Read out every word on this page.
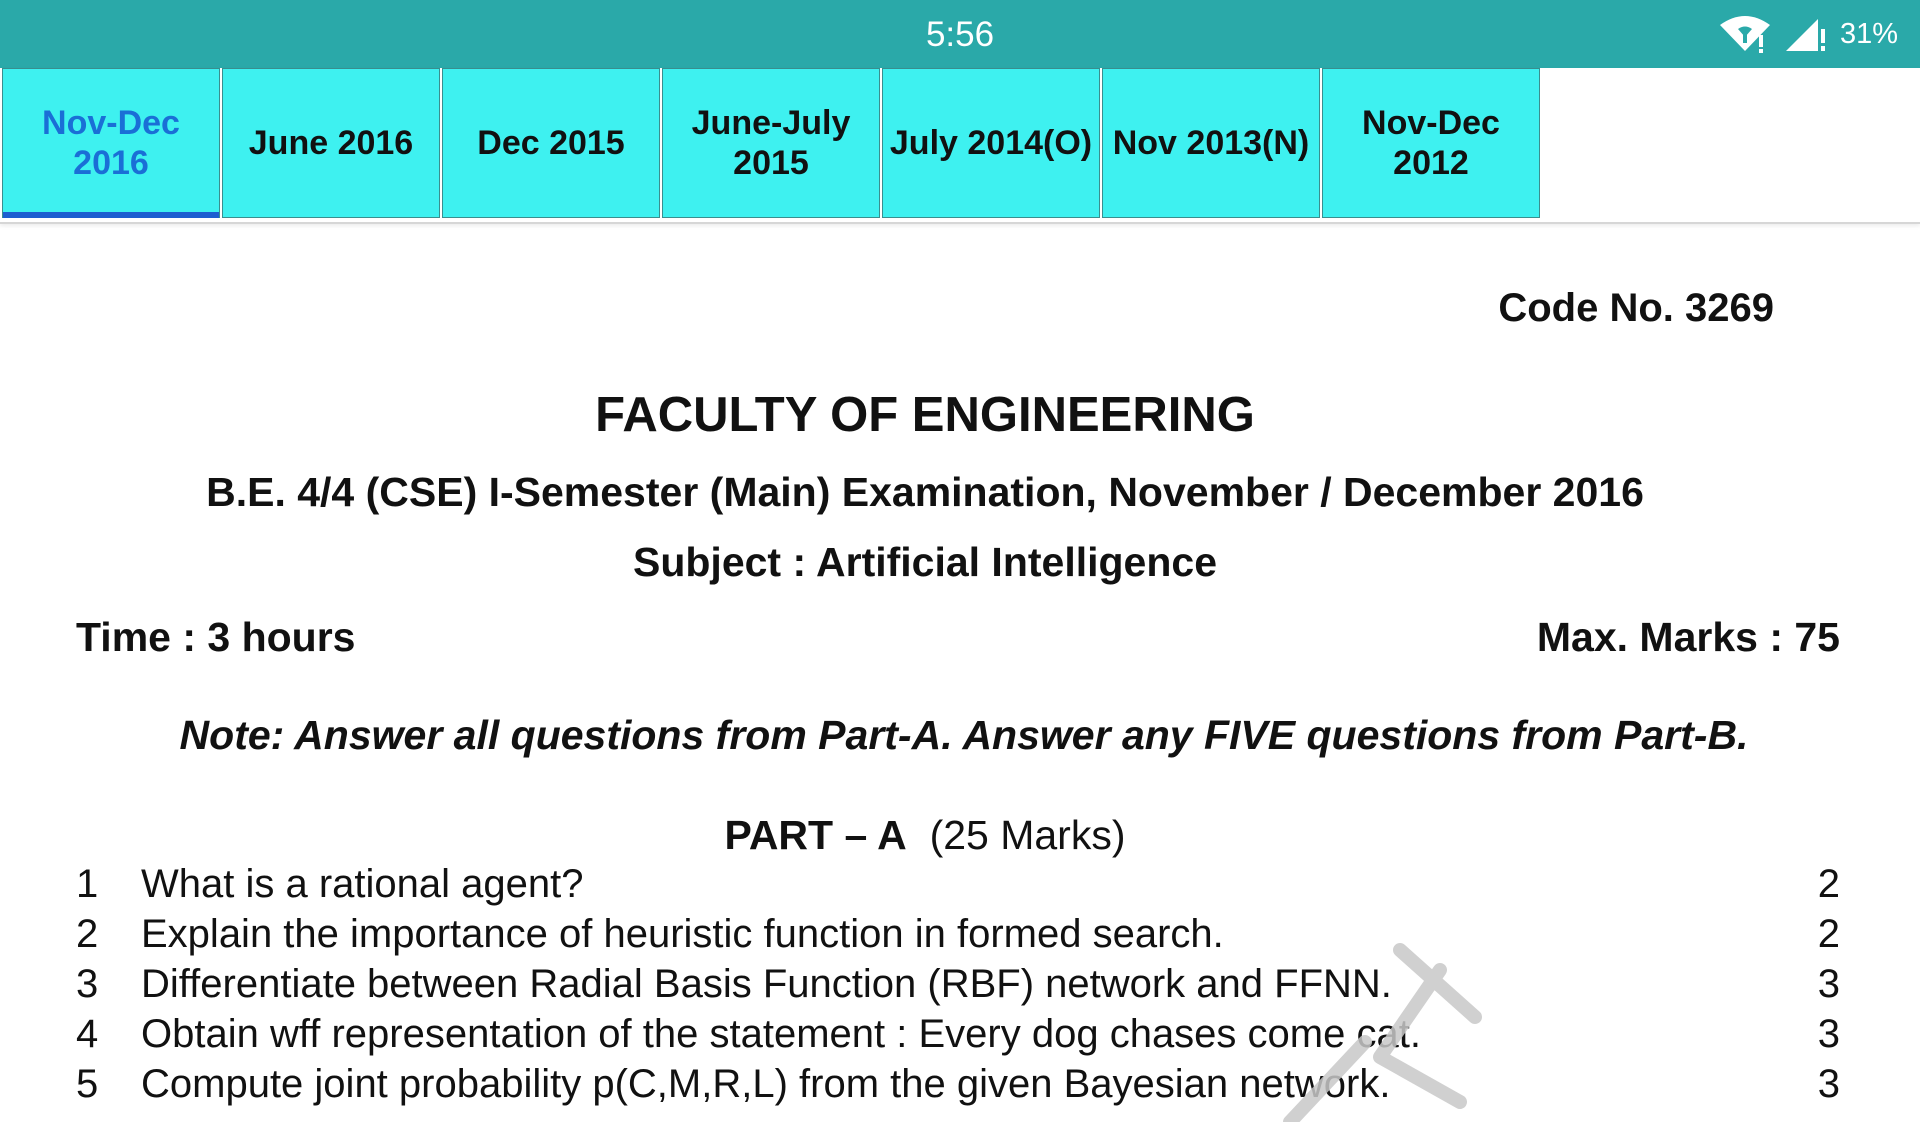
5:56	31%
Nov-Dec 2016
June 2016	Dec 2015
June-July
2015
July 2014(O) Nov 2013(N)
Nov-Dec 2012
Code No. 3269
FACULTY OF ENGINEERING
B.E. 4/4 (CSE) I-Semester (Main) Examination, November / December 2016
Subject : Artificial Intelligence
Time : 3 hours	Max. Marks : 75
Note: Answer all questions from Part-A. Answer any FIVE questions from Part-B.
PART – A (25 Marks)
1 What is a rational agent?	2
2 Explain the importance of heuristic function in formed search.	2
3 Differentiate between Radial Basis Function (RBF) network and FFNN.	3
4 Obtain wff representation of the statement : Every dog chases come cat.	3
5 Compute joint probability p(C,M,R,L) from the given Bayesian network.	3
